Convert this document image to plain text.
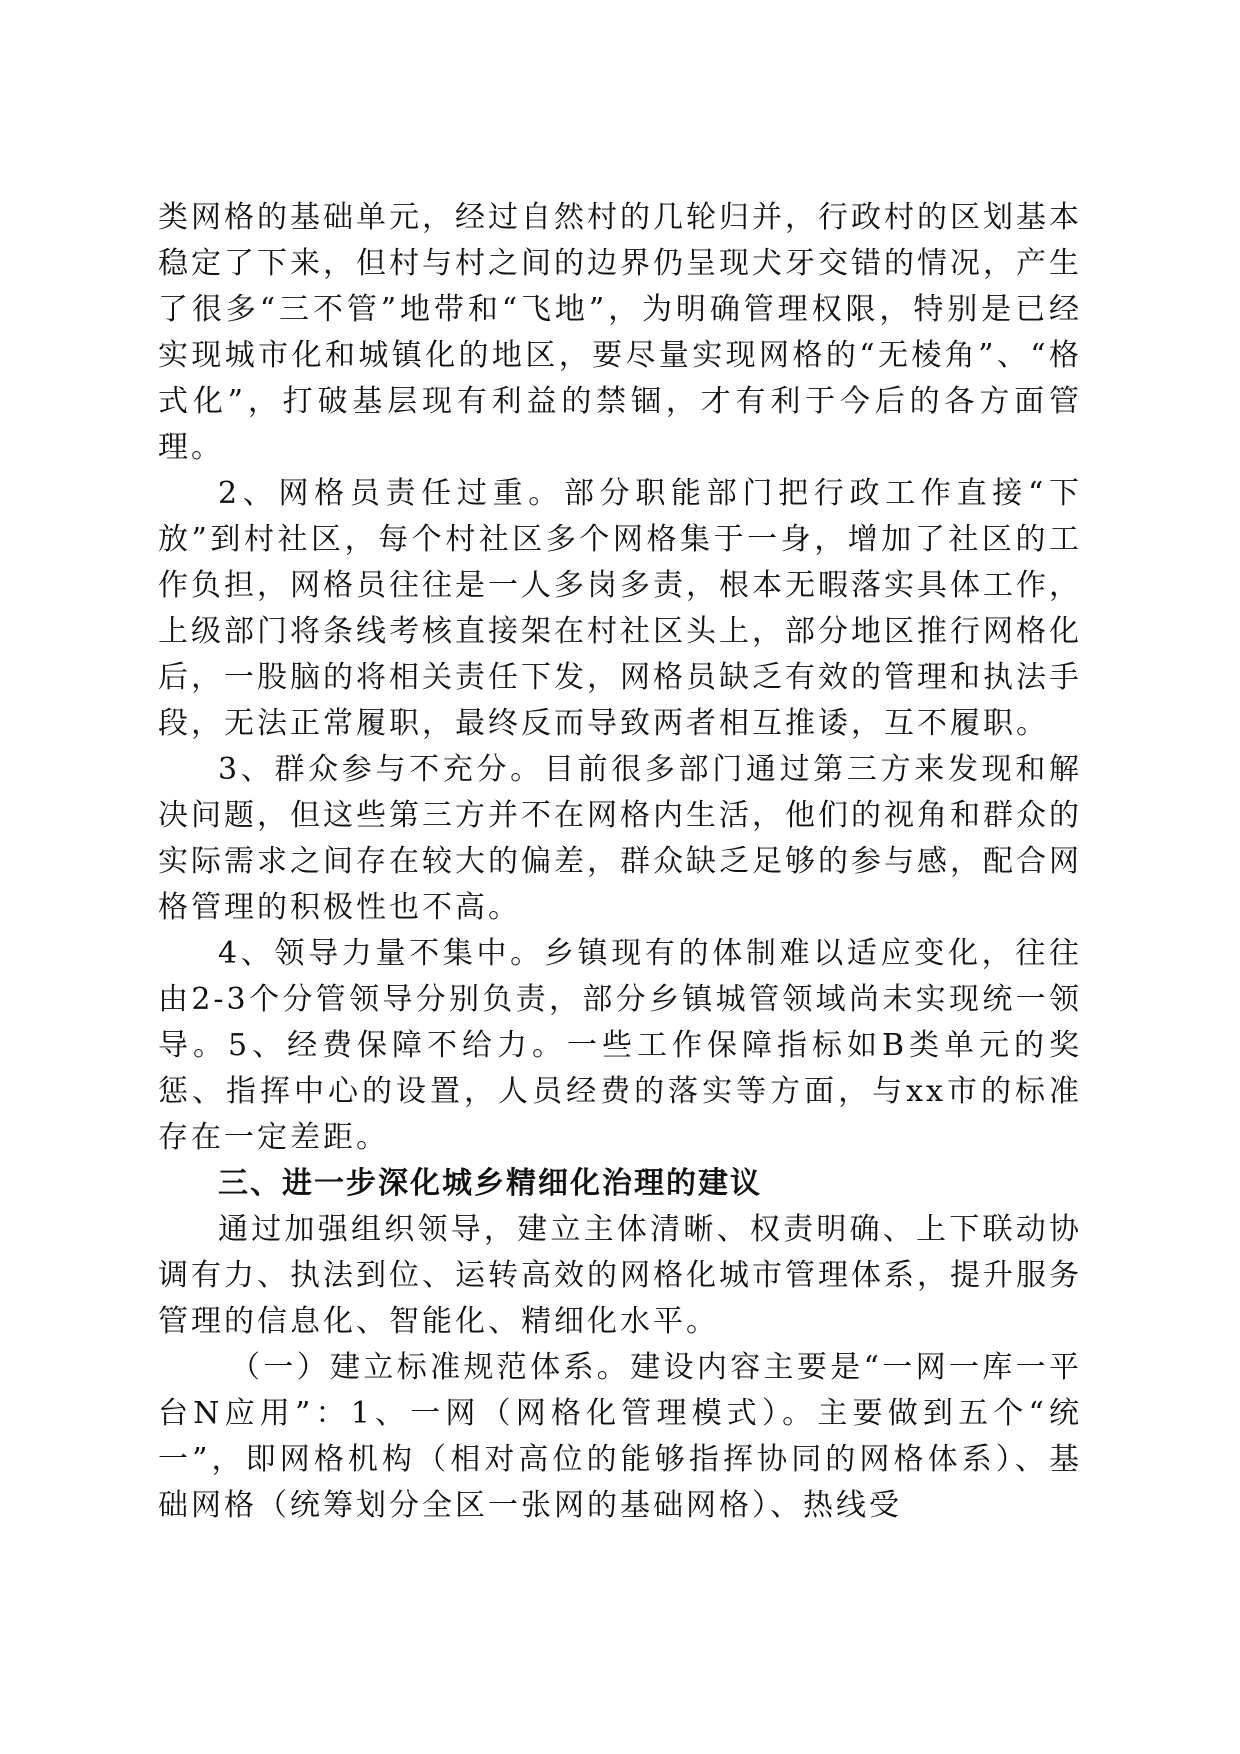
类网格的基础单元，经过自然村的几轮归并，行政村的区划基本稳定了下来，但村与村之间的边界仍呈现犬牙交错的情况，产生了很多“三不管”地带和“飞地”，为明确管理权限，特别是已经实现城市化和城镇化的地区，要尽量实现网格的“无棱角”、“格式化”，打破基层现有利益的禁锢，才有利于今后的各方面管理。

2、网格员责任过重。部分职能部门把行政工作直接“下放”到村社区，每个村社区多个网格集于一身，增加了社区的工作负担，网格员往往是一人多岗多责，根本无暇落实具体工作，上级部门将条线考核直接架在村社区头上，部分地区推行网格化后，一股脑的将相关责任下发，网格员缺乏有效的管理和执法手段，无法正常履职，最终反而导致两者相互推诿，互不履职。

3、群众参与不充分。目前很多部门通过第三方来发现和解决问题，但这些第三方并不在网格内生活，他们的视角和群众的实际需求之间存在较大的偏差，群众缺乏足够的参与感，配合网格管理的积极性也不高。

4、领导力量不集中。乡镇现有的体制难以适应变化，往往由2-3个分管领导分别负责，部分乡镇城管领域尚未实现统一领导。5、经费保障不给力。一些工作保障指标如B类单元的奖惩、指挥中心的设置，人员经费的落实等方面，与xx市的标准存在一定差距。

三、进一步深化城乡精细化治理的建议

通过加强组织领导，建立主体清晰、权责明确、上下联动协调有力、执法到位、运转高效的网格化城市管理体系，提升服务管理的信息化、智能化、精细化水平。

（一）建立标准规范体系。建设内容主要是“一网一库一平台N应用”：1、一网（网格化管理模式）。主要做到五个“统一”，即网格机构（相对高位的能够指挥协同的网格体系）、基础网格（统筹划分全区一张网的基础网格）、热线受
